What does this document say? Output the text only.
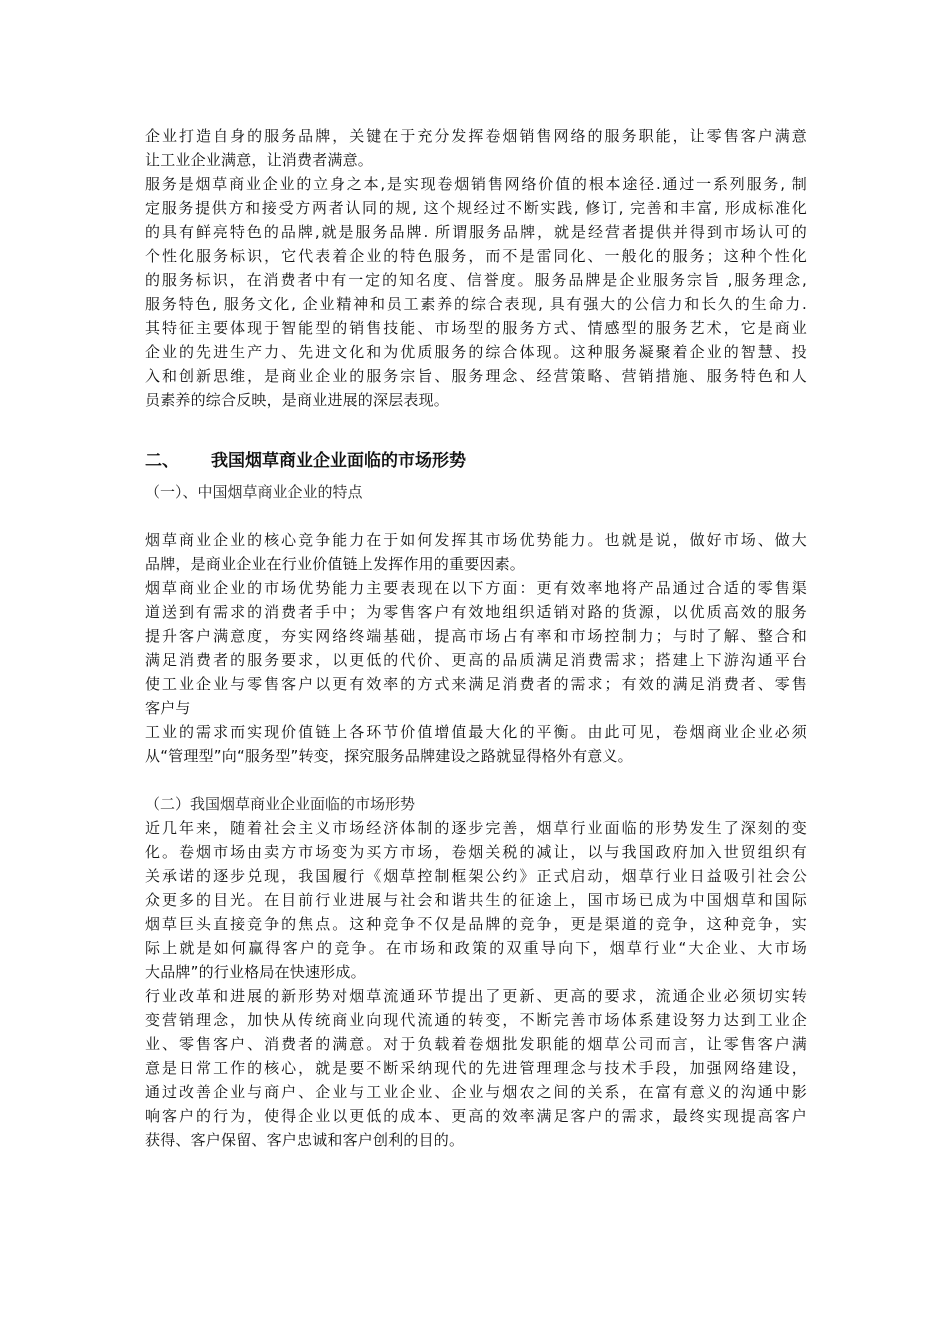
企业打造自身的服务品牌，关键在于充分发挥卷烟销售网络的服务职能，让零售客户满意
让工业企业满意，让消费者满意。
服务是烟草商业企业的立身之本,是实现卷烟销售网络价值的根本途径.通过一系列服务, 制
定服务提供方和接受方两者认同的规, 这个规经过不断实践, 修订, 完善和丰富, 形成标准化
的具有鲜亮特色的品牌,就是服务品牌. 所谓服务品牌，就是经营者提供并得到市场认可的
个性化服务标识，它代表着企业的特色服务，而不是雷同化、一般化的服务；这种个性化
的服务标识，在消费者中有一定的知名度、信誉度。服务品牌是企业服务宗旨 ,服务理念,
服务特色, 服务文化, 企业精神和员工素养的综合表现, 具有强大的公信力和长久的生命力.
其特征主要体现于智能型的销售技能、市场型的服务方式、情感型的服务艺术，它是商业
企业的先进生产力、先进文化和为优质服务的综合体现。这种服务凝聚着企业的智慧、投
入和创新思维，是商业企业的服务宗旨、服务理念、经营策略、营销措施、服务特色和人
员素养的综合反映，是商业进展的深层表现。
二、	我国烟草商业企业面临的市场形势
（一）、中国烟草商业企业的特点
烟草商业企业的核心竞争能力在于如何发挥其市场优势能力。也就是说，做好市场、做大
品牌，是商业企业在行业价值链上发挥作用的重要因素。
烟草商业企业的市场优势能力主要表现在以下方面：更有效率地将产品通过合适的零售渠
道送到有需求的消费者手中；为零售客户有效地组织适销对路的货源，以优质高效的服务
提升客户满意度，夯实网络终端基础，提高市场占有率和市场控制力；与时了解、整合和
满足消费者的服务要求，以更低的代价、更高的品质满足消费需求；搭建上下游沟通平台
使工业企业与零售客户以更有效率的方式来满足消费者的需求；有效的满足消费者、零售
客户与
工业的需求而实现价值链上各环节价值增值最大化的平衡。由此可见，卷烟商业企业必须
从“管理型”向“服务型”转变，探究服务品牌建设之路就显得格外有意义。
（二）我国烟草商业企业面临的市场形势
近几年来，随着社会主义市场经济体制的逐步完善，烟草行业面临的形势发生了深刻的变
化。卷烟市场由卖方市场变为买方市场，卷烟关税的减让，以与我国政府加入世贸组织有
关承诺的逐步兑现，我国履行《烟草控制框架公约》正式启动，烟草行业日益吸引社会公
众更多的目光。在目前行业进展与社会和谐共生的征途上，国市场已成为中国烟草和国际
烟草巨头直接竞争的焦点。这种竞争不仅是品牌的竞争，更是渠道的竞争，这种竞争，实
际上就是如何赢得客户的竞争。在市场和政策的双重导向下，烟草行业“大企业、大市场
大品牌”的行业格局在快速形成。
行业改革和进展的新形势对烟草流通环节提出了更新、更高的要求，流通企业必须切实转
变营销理念，加快从传统商业向现代流通的转变，不断完善市场体系建设努力达到工业企
业、零售客户、消费者的满意。对于负载着卷烟批发职能的烟草公司而言，让零售客户满
意是日常工作的核心，就是要不断采纳现代的先进管理理念与技术手段，加强网络建设，
通过改善企业与商户、企业与工业企业、企业与烟农之间的关系，在富有意义的沟通中影
响客户的行为，使得企业以更低的成本、更高的效率满足客户的需求，最终实现提高客户
获得、客户保留、客户忠诚和客户创利的目的。
